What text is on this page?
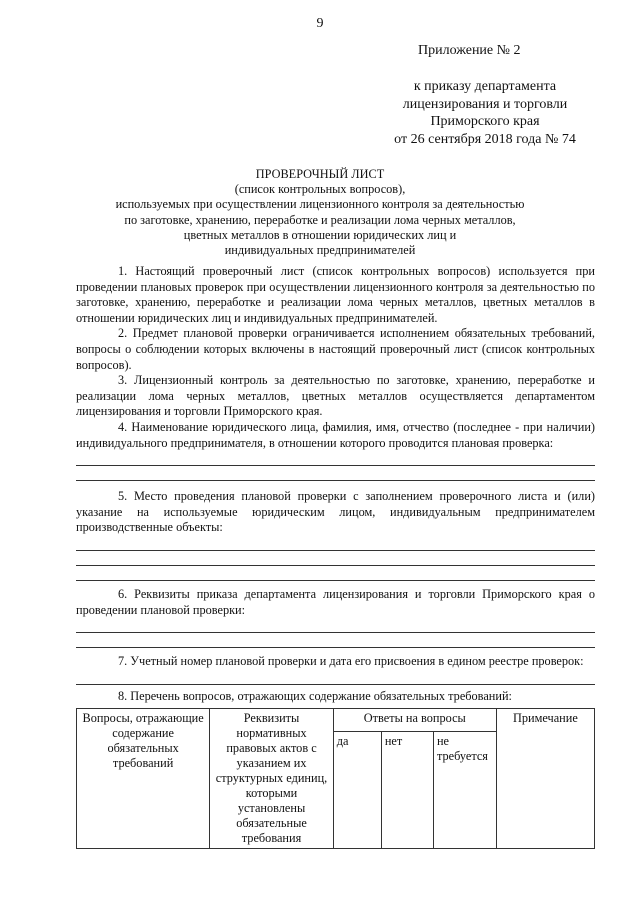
9
Приложение № 2
к приказу департамента
лицензирования и торговли
Приморского края
от 26 сентября 2018 года № 74
ПРОВЕРОЧНЫЙ ЛИСТ
(список контрольных вопросов),
используемых при осуществлении лицензионного контроля за деятельностью
по заготовке, хранению, переработке и реализации лома черных металлов,
цветных металлов в отношении юридических лиц и
индивидуальных предпринимателей

1. Настоящий проверочный лист (список контрольных вопросов) используется при проведении плановых проверок при осуществлении лицензионного контроля за деятельностью по заготовке, хранению, переработке и реализации лома черных металлов, цветных металлов в отношении юридических лиц и индивидуальных предпринимателей.

2. Предмет плановой проверки ограничивается исполнением обязательных требований, вопросы о соблюдении которых включены в настоящий проверочный лист (список контрольных вопросов).

3. Лицензионный контроль за деятельностью по заготовке, хранению, переработке и реализации лома черных металлов, цветных металлов осуществляется департаментом лицензирования и торговли Приморского края.

4. Наименование юридического лица, фамилия, имя, отчество (последнее - при наличии) индивидуального предпринимателя, в отношении которого проводится плановая проверка:

5. Место проведения плановой проверки с заполнением проверочного листа и (или) указание на используемые юридическим лицом, индивидуальным предпринимателем производственные объекты:

6. Реквизиты приказа департамента лицензирования и торговли Приморского края о проведении плановой проверки:

7. Учетный номер плановой проверки и дата его присвоения в едином реестре проверок:

8. Перечень вопросов, отражающих содержание обязательных требований:

Вопросы, отражающие содержание обязательных требований	Реквизиты нормативных правовых актов с указанием их структурных единиц, которыми установлены обязательные требования	Ответы на вопросы			Примечание
		да	нет	не требуется	
